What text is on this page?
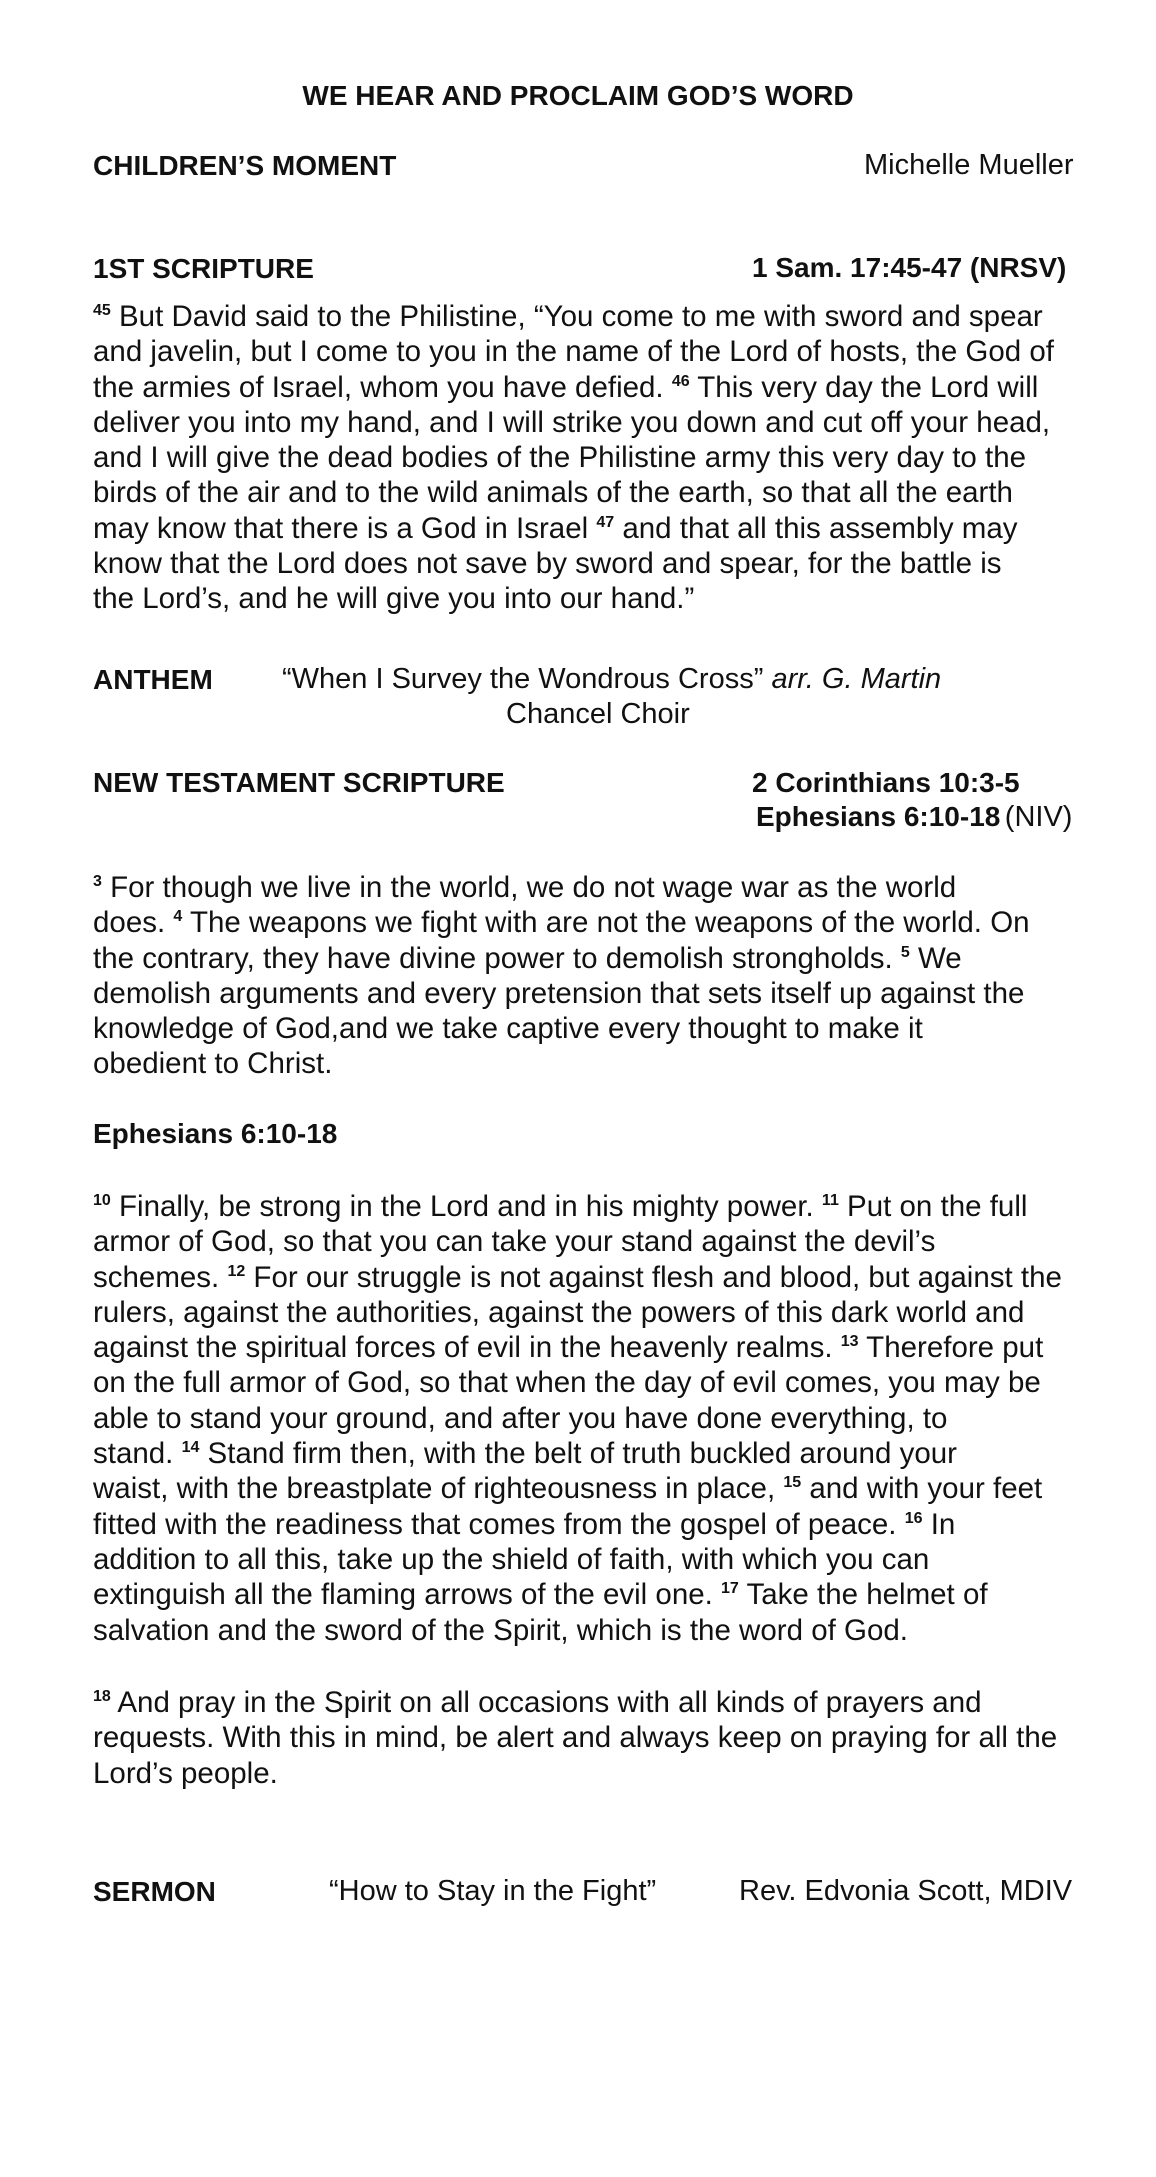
WE HEAR AND PROCLAIM GOD’S WORD
CHILDREN’S MOMENT	Michelle Mueller
1ST SCRIPTURE	1 Sam. 17:45-47 (NRSV)
$^{45}$ But David said to the Philistine, “You come to me with sword and spear
and javelin, but I come to you in the name of the Lord of hosts, the God of
the armies of Israel, whom you have defied. $^{46}$ This very day the Lord will
deliver you into my hand, and I will strike you down and cut off your head,
and I will give the dead bodies of the Philistine army this very day to the
birds of the air and to the wild animals of the earth, so that all the earth
may know that there is a God in Israel $^{47}$ and that all this assembly may
know that the Lord does not save by sword and spear, for the battle is
the Lord’s, and he will give you into our hand.”
ANTHEM “When I Survey the Wondrous Cross” arr. G. Martin
Chancel Choir
NEW TESTAMENT SCRIPTURE	2 Corinthians 10:3-5
Ephesians 6:10-18 (NIV)
$^3$ For though we live in the world, we do not wage war as the world
does. $^4$ The weapons we fight with are not the weapons of the world. On
the contrary, they have divine power to demolish strongholds. $^5$ We
demolish arguments and every pretension that sets itself up against the
knowledge of God,and we take captive every thought to make it
obedient to Christ.
Ephesians 6:10-18
$^{10}$ Finally, be strong in the Lord and in his mighty power. $^{11}$ Put on the full
armor of God, so that you can take your stand against the devil’s
schemes. $^{12}$ For our struggle is not against flesh and blood, but against the
rulers, against the authorities, against the powers of this dark world and
against the spiritual forces of evil in the heavenly realms. $^{13}$ Therefore put
on the full armor of God, so that when the day of evil comes, you may be
able to stand your ground, and after you have done everything, to
stand. $^{14}$ Stand firm then, with the belt of truth buckled around your
waist, with the breastplate of righteousness in place, $^{15}$ and with your feet
fitted with the readiness that comes from the gospel of peace. $^{16}$ In
addition to all this, take up the shield of faith, with which you can
extinguish all the flaming arrows of the evil one. $^{17}$ Take the helmet of
salvation and the sword of the Spirit, which is the word of God.
$^{18}$ And pray in the Spirit on all occasions with all kinds of prayers and
requests. With this in mind, be alert and always keep on praying for all the
Lord’s people.
SERMON	“How to Stay in the Fight”	Rev. Edvonia Scott, MDIV
